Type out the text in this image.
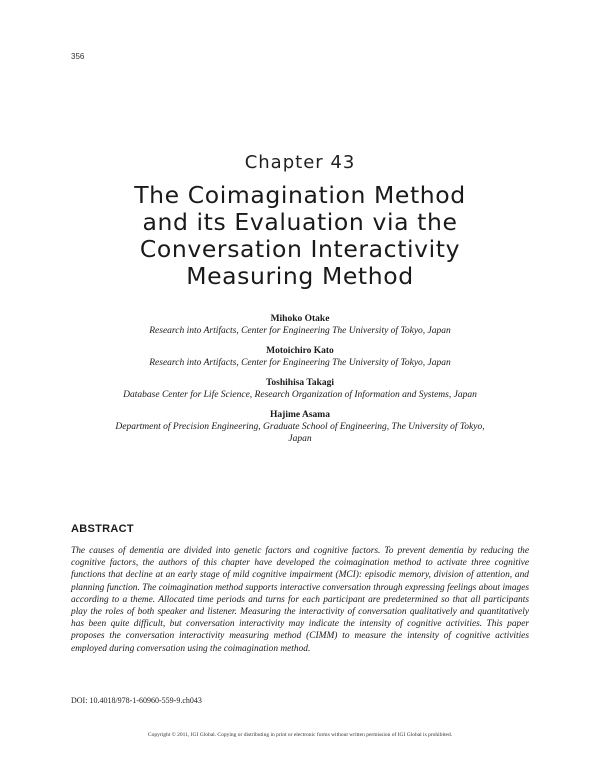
356

Chapter 43

The Coimagination Method
and its Evaluation via the
Conversation Interactivity
Measuring Method
Mihoko Otake
Research into Artifacts, Center for Engineering The University of Tokyo, Japan
Motoichiro Kato
Research into Artifacts, Center for Engineering The University of Tokyo, Japan
Toshihisa Takagi
Database Center for Life Science, Research Organization of Information and Systems, Japan
Hajime Asama
Department of Precision Engineering, Graduate School of Engineering, The University of Tokyo,
Japan
ABSTRACT

The causes of dementia are divided into genetic factors and cognitive factors. To prevent dementia by reducing the cognitive factors, the authors of this chapter have developed the coimagination method to activate three cognitive functions that decline at an early stage of mild cognitive impairment (MCI): episodic memory, division of attention, and planning function. The coimagination method supports interactive conversation through expressing feelings about images according to a theme. Allocated time periods and turns for each participant are predetermined so that all participants play the roles of both speaker and listener. Measuring the interactivity of conversation qualitatively and quantitatively has been quite difficult, but conversation interactivity may indicate the intensity of cognitive activities. This paper proposes the conversation interactivity measuring method (CIMM) to measure the intensity of cognitive activities employed during conversation using the coimagination method.

DOI: 10.4018/978-1-60960-559-9.ch043
Copyright © 2011, IGI Global. Copying or distributing in print or electronic forms without written permission of IGI Global is prohibited.
